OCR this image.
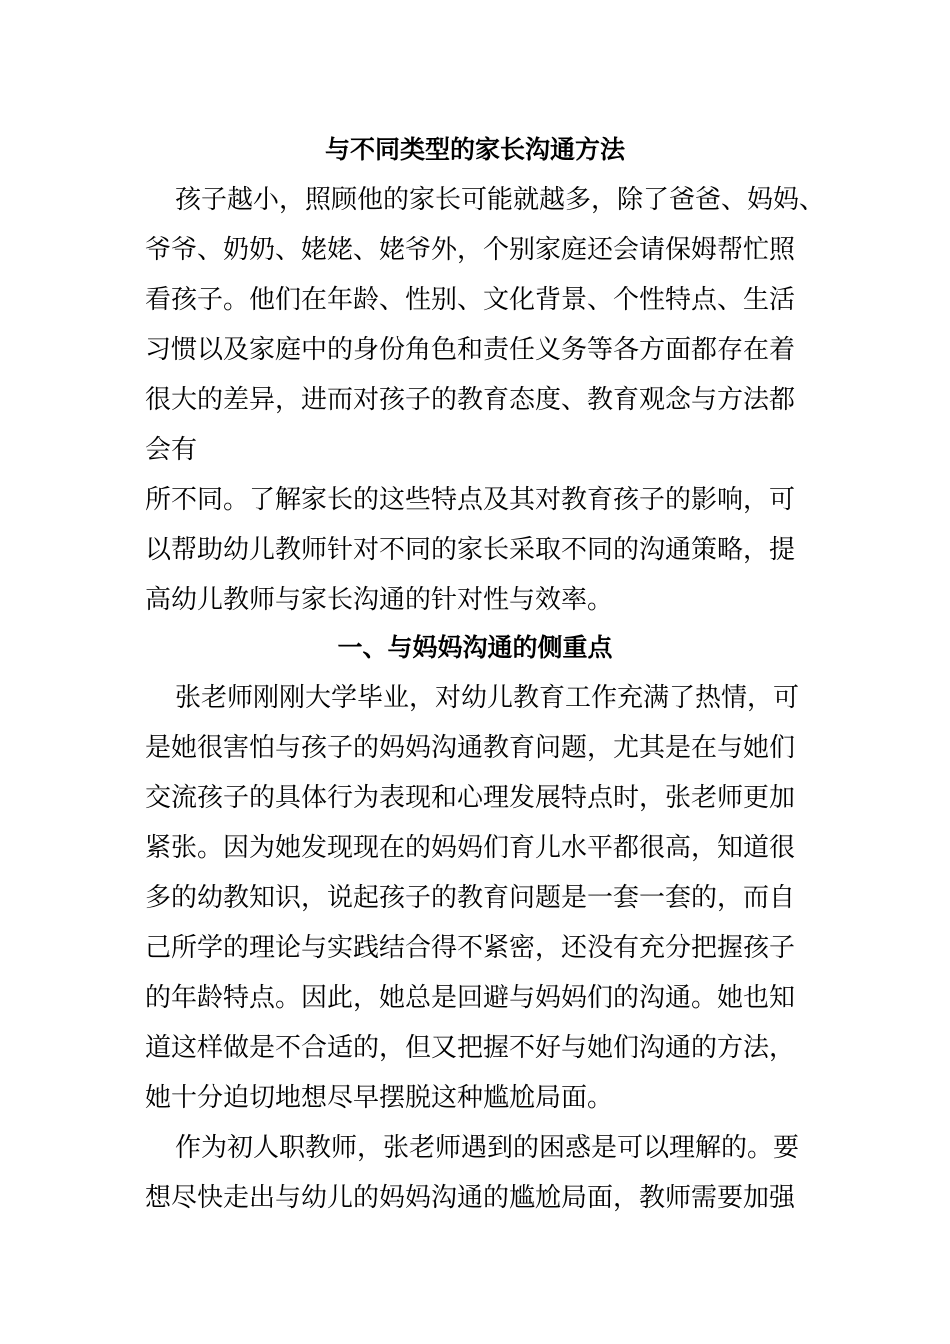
与不同类型的家长沟通方法
孩子越小，照顾他的家长可能就越多，除了爸爸、妈妈、
爷爷、奶奶、姥姥、姥爷外，个别家庭还会请保姆帮忙照
看孩子。他们在年龄、性别、文化背景、个性特点、生活
习惯以及家庭中的身份角色和责任义务等各方面都存在着
很大的差异，进而对孩子的教育态度、教育观念与方法都
会有
所不同。了解家长的这些特点及其对教育孩子的影响，可
以帮助幼儿教师针对不同的家长采取不同的沟通策略，提
高幼儿教师与家长沟通的针对性与效率。
一、与妈妈沟通的侧重点
张老师刚刚大学毕业，对幼儿教育工作充满了热情，可
是她很害怕与孩子的妈妈沟通教育问题，尤其是在与她们
交流孩子的具体行为表现和心理发展特点时，张老师更加
紧张。因为她发现现在的妈妈们育儿水平都很高，知道很
多的幼教知识，说起孩子的教育问题是一套一套的，而自
己所学的理论与实践结合得不紧密，还没有充分把握孩子
的年龄特点。因此，她总是回避与妈妈们的沟通。她也知
道这样做是不合适的，但又把握不好与她们沟通的方法，
她十分迫切地想尽早摆脱这种尴尬局面。
作为初人职教师，张老师遇到的困惑是可以理解的。要
想尽快走出与幼儿的妈妈沟通的尴尬局面，教师需要加强
